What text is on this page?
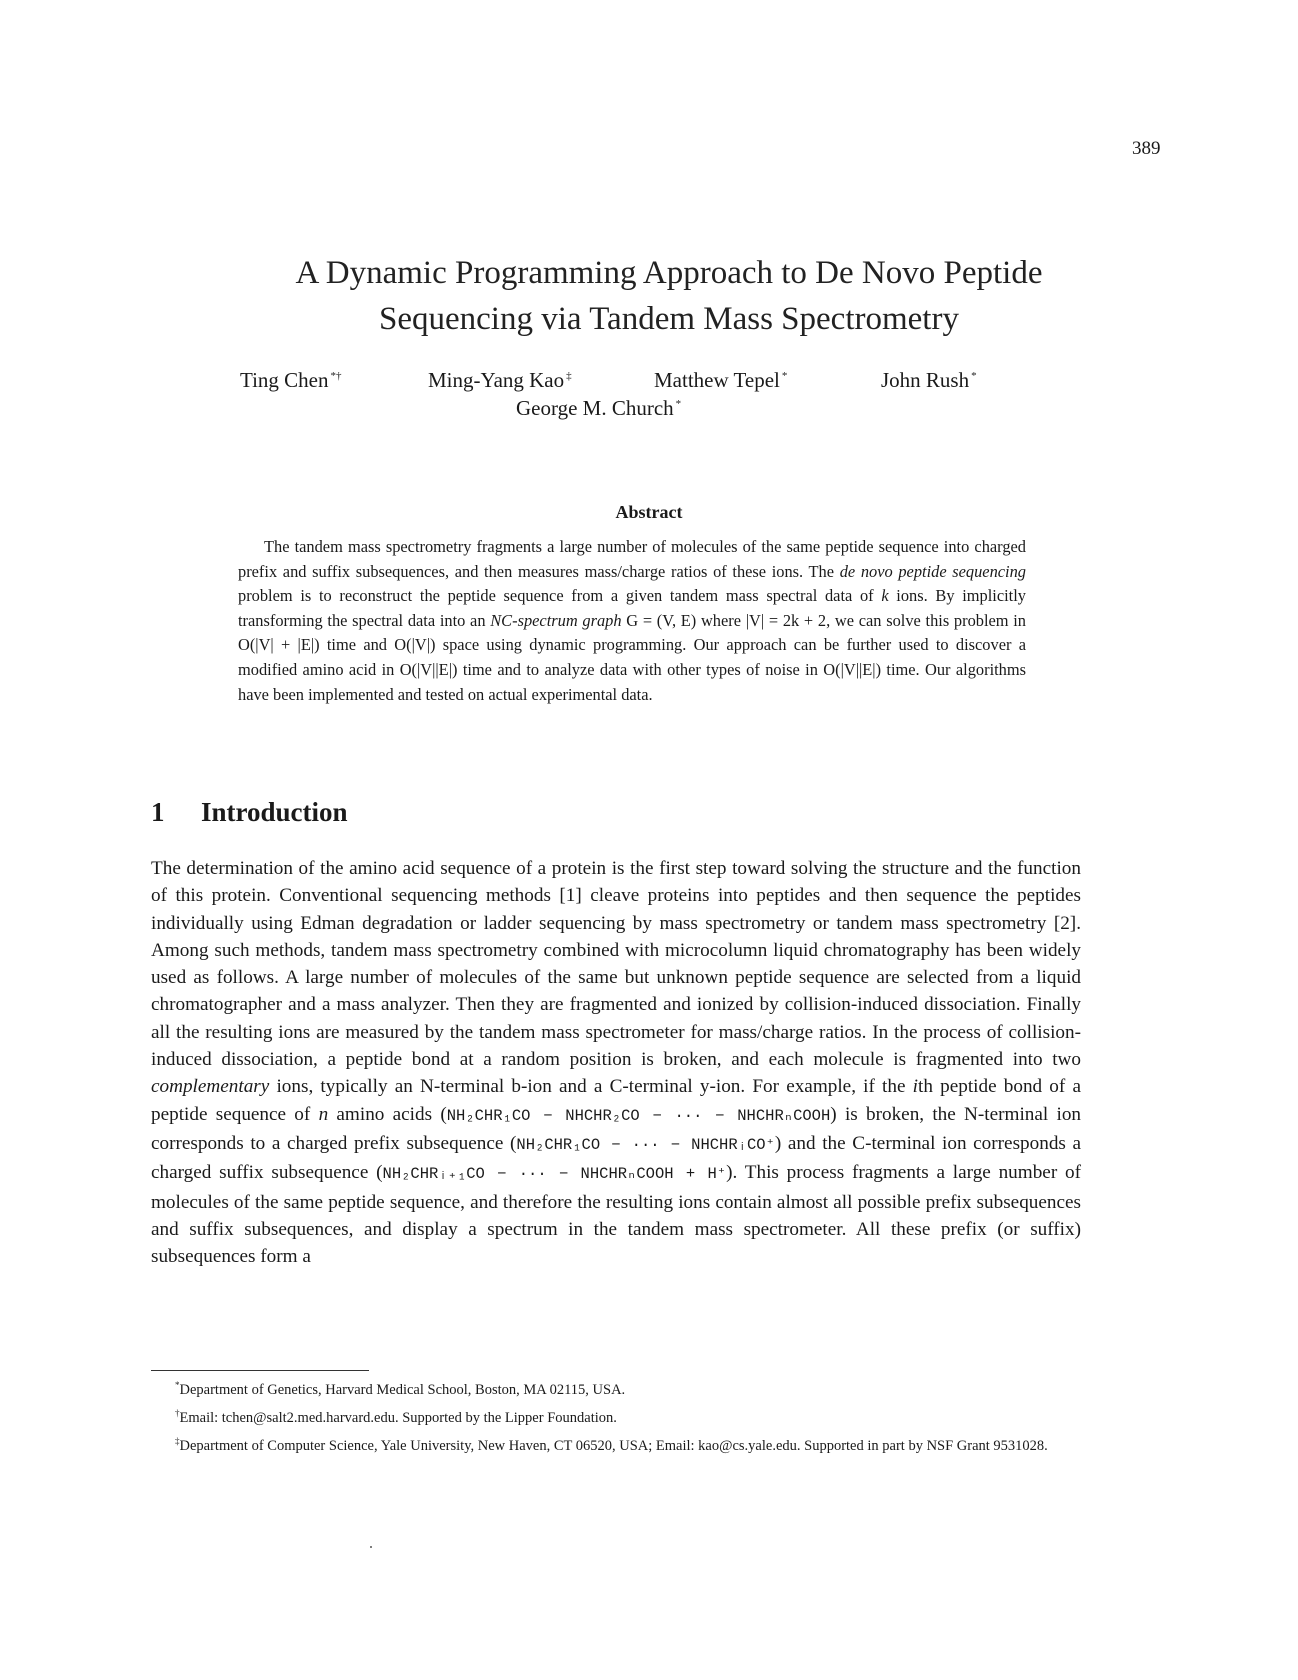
389
A Dynamic Programming Approach to De Novo Peptide
Sequencing via Tandem Mass Spectrometry
Ting Chen *†	Ming-Yang Kao ‡	Matthew Tepel *	John Rush *
George M. Church *
Abstract
The tandem mass spectrometry fragments a large number of molecules of the same peptide sequence into charged prefix and suffix subsequences, and then measures mass/charge ratios of these ions. The de novo peptide sequencing problem is to reconstruct the peptide sequence from a given tandem mass spectral data of k ions. By implicitly transforming the spectral data into an NC-spectrum graph G = (V, E) where |V| = 2k + 2, we can solve this problem in O(|V| + |E|) time and O(|V|) space using dynamic programming. Our approach can be further used to discover a modified amino acid in O(|V||E|) time and to analyze data with other types of noise in O(|V||E|) time. Our algorithms have been implemented and tested on actual experimental data.
1 Introduction
The determination of the amino acid sequence of a protein is the first step toward solving the structure and the function of this protein. Conventional sequencing methods [1] cleave proteins into peptides and then sequence the peptides individually using Edman degradation or ladder sequencing by mass spectrometry or tandem mass spectrometry [2]. Among such methods, tandem mass spectrometry combined with microcolumn liquid chromatography has been widely used as follows. A large number of molecules of the same but unknown peptide sequence are selected from a liquid chromatographer and a mass analyzer. Then they are fragmented and ionized by collision-induced dissociation. Finally all the resulting ions are measured by the tandem mass spectrometer for mass/charge ratios. In the process of collision-induced dissociation, a peptide bond at a random position is broken, and each molecule is fragmented into two complementary ions, typically an N-terminal b-ion and a C-terminal y-ion. For example, if the ith peptide bond of a peptide sequence of n amino acids (NH₂CHR₁CO − NHCHR₂CO − ··· − NHCHRₙCOOH) is broken, the N-terminal ion corresponds to a charged prefix subsequence (NH₂CHR₁CO − ··· − NHCHRᵢCO⁺) and the C-terminal ion corresponds a charged suffix subsequence (NH₂CHRᵢ₊₁CO − ··· − NHCHRₙCOOH + H⁺). This process fragments a large number of molecules of the same peptide sequence, and therefore the resulting ions contain almost all possible prefix subsequences and suffix subsequences, and display a spectrum in the tandem mass spectrometer. All these prefix (or suffix) subsequences form a
*Department of Genetics, Harvard Medical School, Boston, MA 02115, USA.
†Email: tchen@salt2.med.harvard.edu. Supported by the Lipper Foundation.
‡Department of Computer Science, Yale University, New Haven, CT 06520, USA; Email: kao@cs.yale.edu. Supported in part by NSF Grant 9531028.
